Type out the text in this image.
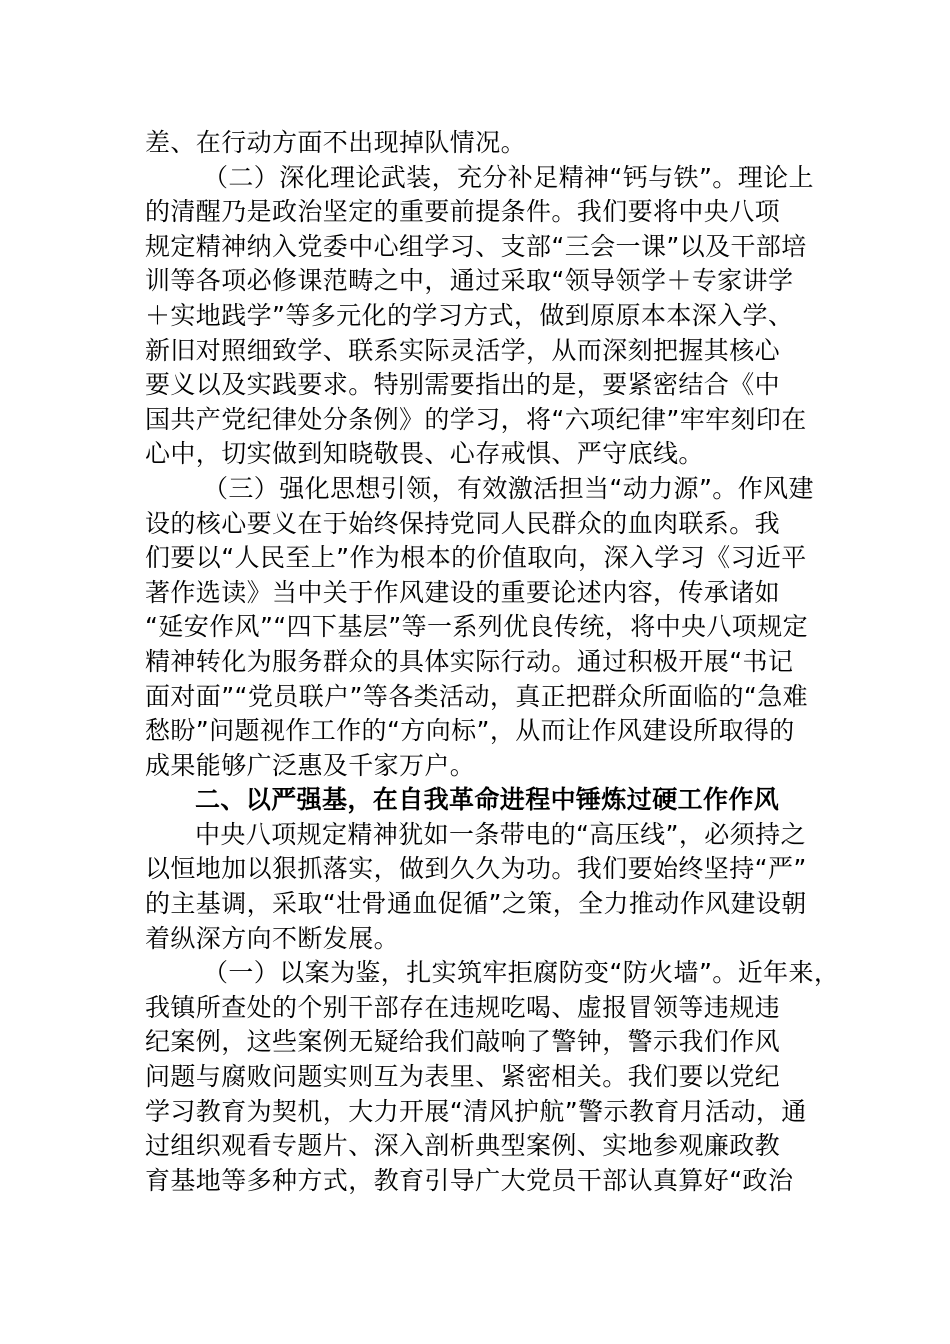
差、在行动方面不出现掉队情况。
（二）深化理论武装，充分补足精神“钙与铁”。理论上
的清醒乃是政治坚定的重要前提条件。我们要将中央八项
规定精神纳入党委中心组学习、支部“三会一课”以及干部培
训等各项必修课范畴之中，通过采取“领导领学＋专家讲学
＋实地践学”等多元化的学习方式，做到原原本本深入学、
新旧对照细致学、联系实际灵活学，从而深刻把握其核心
要义以及实践要求。特别需要指出的是，要紧密结合《中
国共产党纪律处分条例》的学习，将“六项纪律”牢牢刻印在
心中，切实做到知晓敬畏、心存戒惧、严守底线。
（三）强化思想引领，有效激活担当“动力源”。作风建
设的核心要义在于始终保持党同人民群众的血肉联系。我
们要以“人民至上”作为根本的价值取向，深入学习《习近平
著作选读》当中关于作风建设的重要论述内容，传承诸如
“延安作风”“四下基层”等一系列优良传统，将中央八项规定
精神转化为服务群众的具体实际行动。通过积极开展“书记
面对面”“党员联户”等各类活动，真正把群众所面临的“急难
愁盼”问题视作工作的“方向标”，从而让作风建设所取得的
成果能够广泛惠及千家万户。
二、以严强基，在自我革命进程中锤炼过硬工作作风
中央八项规定精神犹如一条带电的“高压线”，必须持之
以恒地加以狠抓落实，做到久久为功。我们要始终坚持“严”
的主基调，采取“壮骨通血促循”之策，全力推动作风建设朝
着纵深方向不断发展。
（一）以案为鉴，扎实筑牢拒腐防变“防火墙”。近年来，
我镇所查处的个别干部存在违规吃喝、虚报冒领等违规违
纪案例，这些案例无疑给我们敲响了警钟，警示我们作风
问题与腐败问题实则互为表里、紧密相关。我们要以党纪
学习教育为契机，大力开展“清风护航”警示教育月活动，通
过组织观看专题片、深入剖析典型案例、实地参观廉政教
育基地等多种方式，教育引导广大党员干部认真算好“政治
